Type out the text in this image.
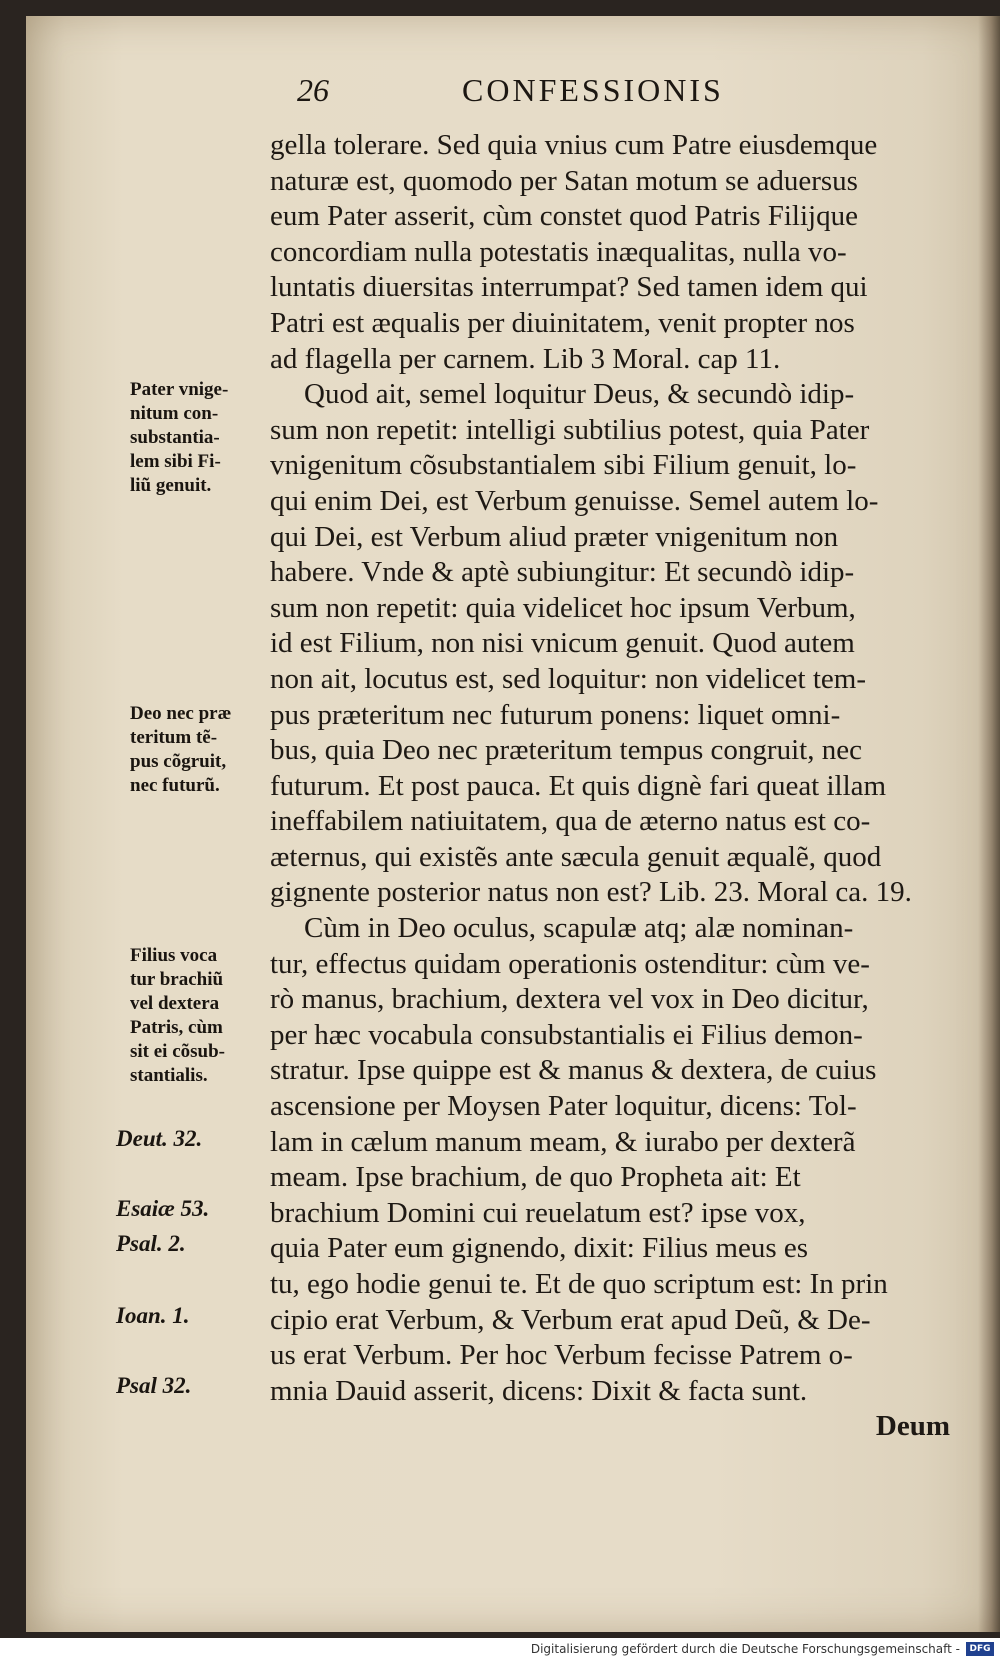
26	CONFESSIONIS
gella tolerare. Sed quia vnius cum Patre eiusdemque
naturæ est, quomodo per Satan motum se aduersus
eum Pater asserit, cùm constet quod Patris Filijque
concordiam nulla potestatis inæqualitas, nulla vo-
luntatis diuersitas interrumpat? Sed tamen idem qui
Patri est æqualis per diuinitatem, venit propter nos
ad flagella per carnem. Lib 3 Moral. cap 11.
Quod ait, semel loquitur Deus, & secundò idip-
sum non repetit: intelligi subtilius potest, quia Pater
vnigenitum cõsubstantialem sibi Filium genuit, lo-
qui enim Dei, est Verbum genuisse. Semel autem lo-
qui Dei, est Verbum aliud præter vnigenitum non
habere. Vnde & aptè subiungitur: Et secundò idip-
sum non repetit: quia videlicet hoc ipsum Verbum,
id est Filium, non nisi vnicum genuit. Quod autem
non ait, locutus est, sed loquitur: non videlicet tem-
pus præteritum nec futurum ponens: liquet omni-
bus, quia Deo nec præteritum tempus congruit, nec
futurum. Et post pauca. Et quis dignè fari queat illam
ineffabilem natiuitatem, qua de æterno natus est co-
æternus, qui existẽs ante sæcula genuit æqualẽ, quod
gignente posterior natus non est? Lib. 23. Moral ca. 19.
Cùm in Deo oculus, scapulæ atq; alæ nominan-
tur, effectus quidam operationis ostenditur: cùm ve-
rò manus, brachium, dextera vel vox in Deo dicitur,
per hæc vocabula consubstantialis ei Filius demon-
stratur. Ipse quippe est & manus & dextera, de cuius
ascensione per Moysen Pater loquitur, dicens: Tol-
lam in cælum manum meam, & iurabo per dexterã
meam. Ipse brachium, de quo Propheta ait: Et
brachium Domini cui reuelatum est? ipse vox,
quia Pater eum gignendo, dixit: Filius meus es
tu, ego hodie genui te. Et de quo scriptum est: In prin
cipio erat Verbum, & Verbum erat apud Deũ, & De-
us erat Verbum. Per hoc Verbum fecisse Patrem o-
mnia Dauid asserit, dicens: Dixit & facta sunt.
Deum
Pater vnige-
nitum con-
substantia-
lem sibi Fi-
liũ genuit.
Deo nec præ
teritum tẽ-
pus cõgruit,
nec futurũ.
Filius voca
tur brachiũ
vel dextera
Patris, cùm
sit ei cõsub-
stantialis.
Deut. 32.
Esaiæ 53.
Psal. 2.
Ioan. 1.
Psal 32.
Digitalisierung gefördert durch die Deutsche Forschungsgemeinschaft -	DFG
